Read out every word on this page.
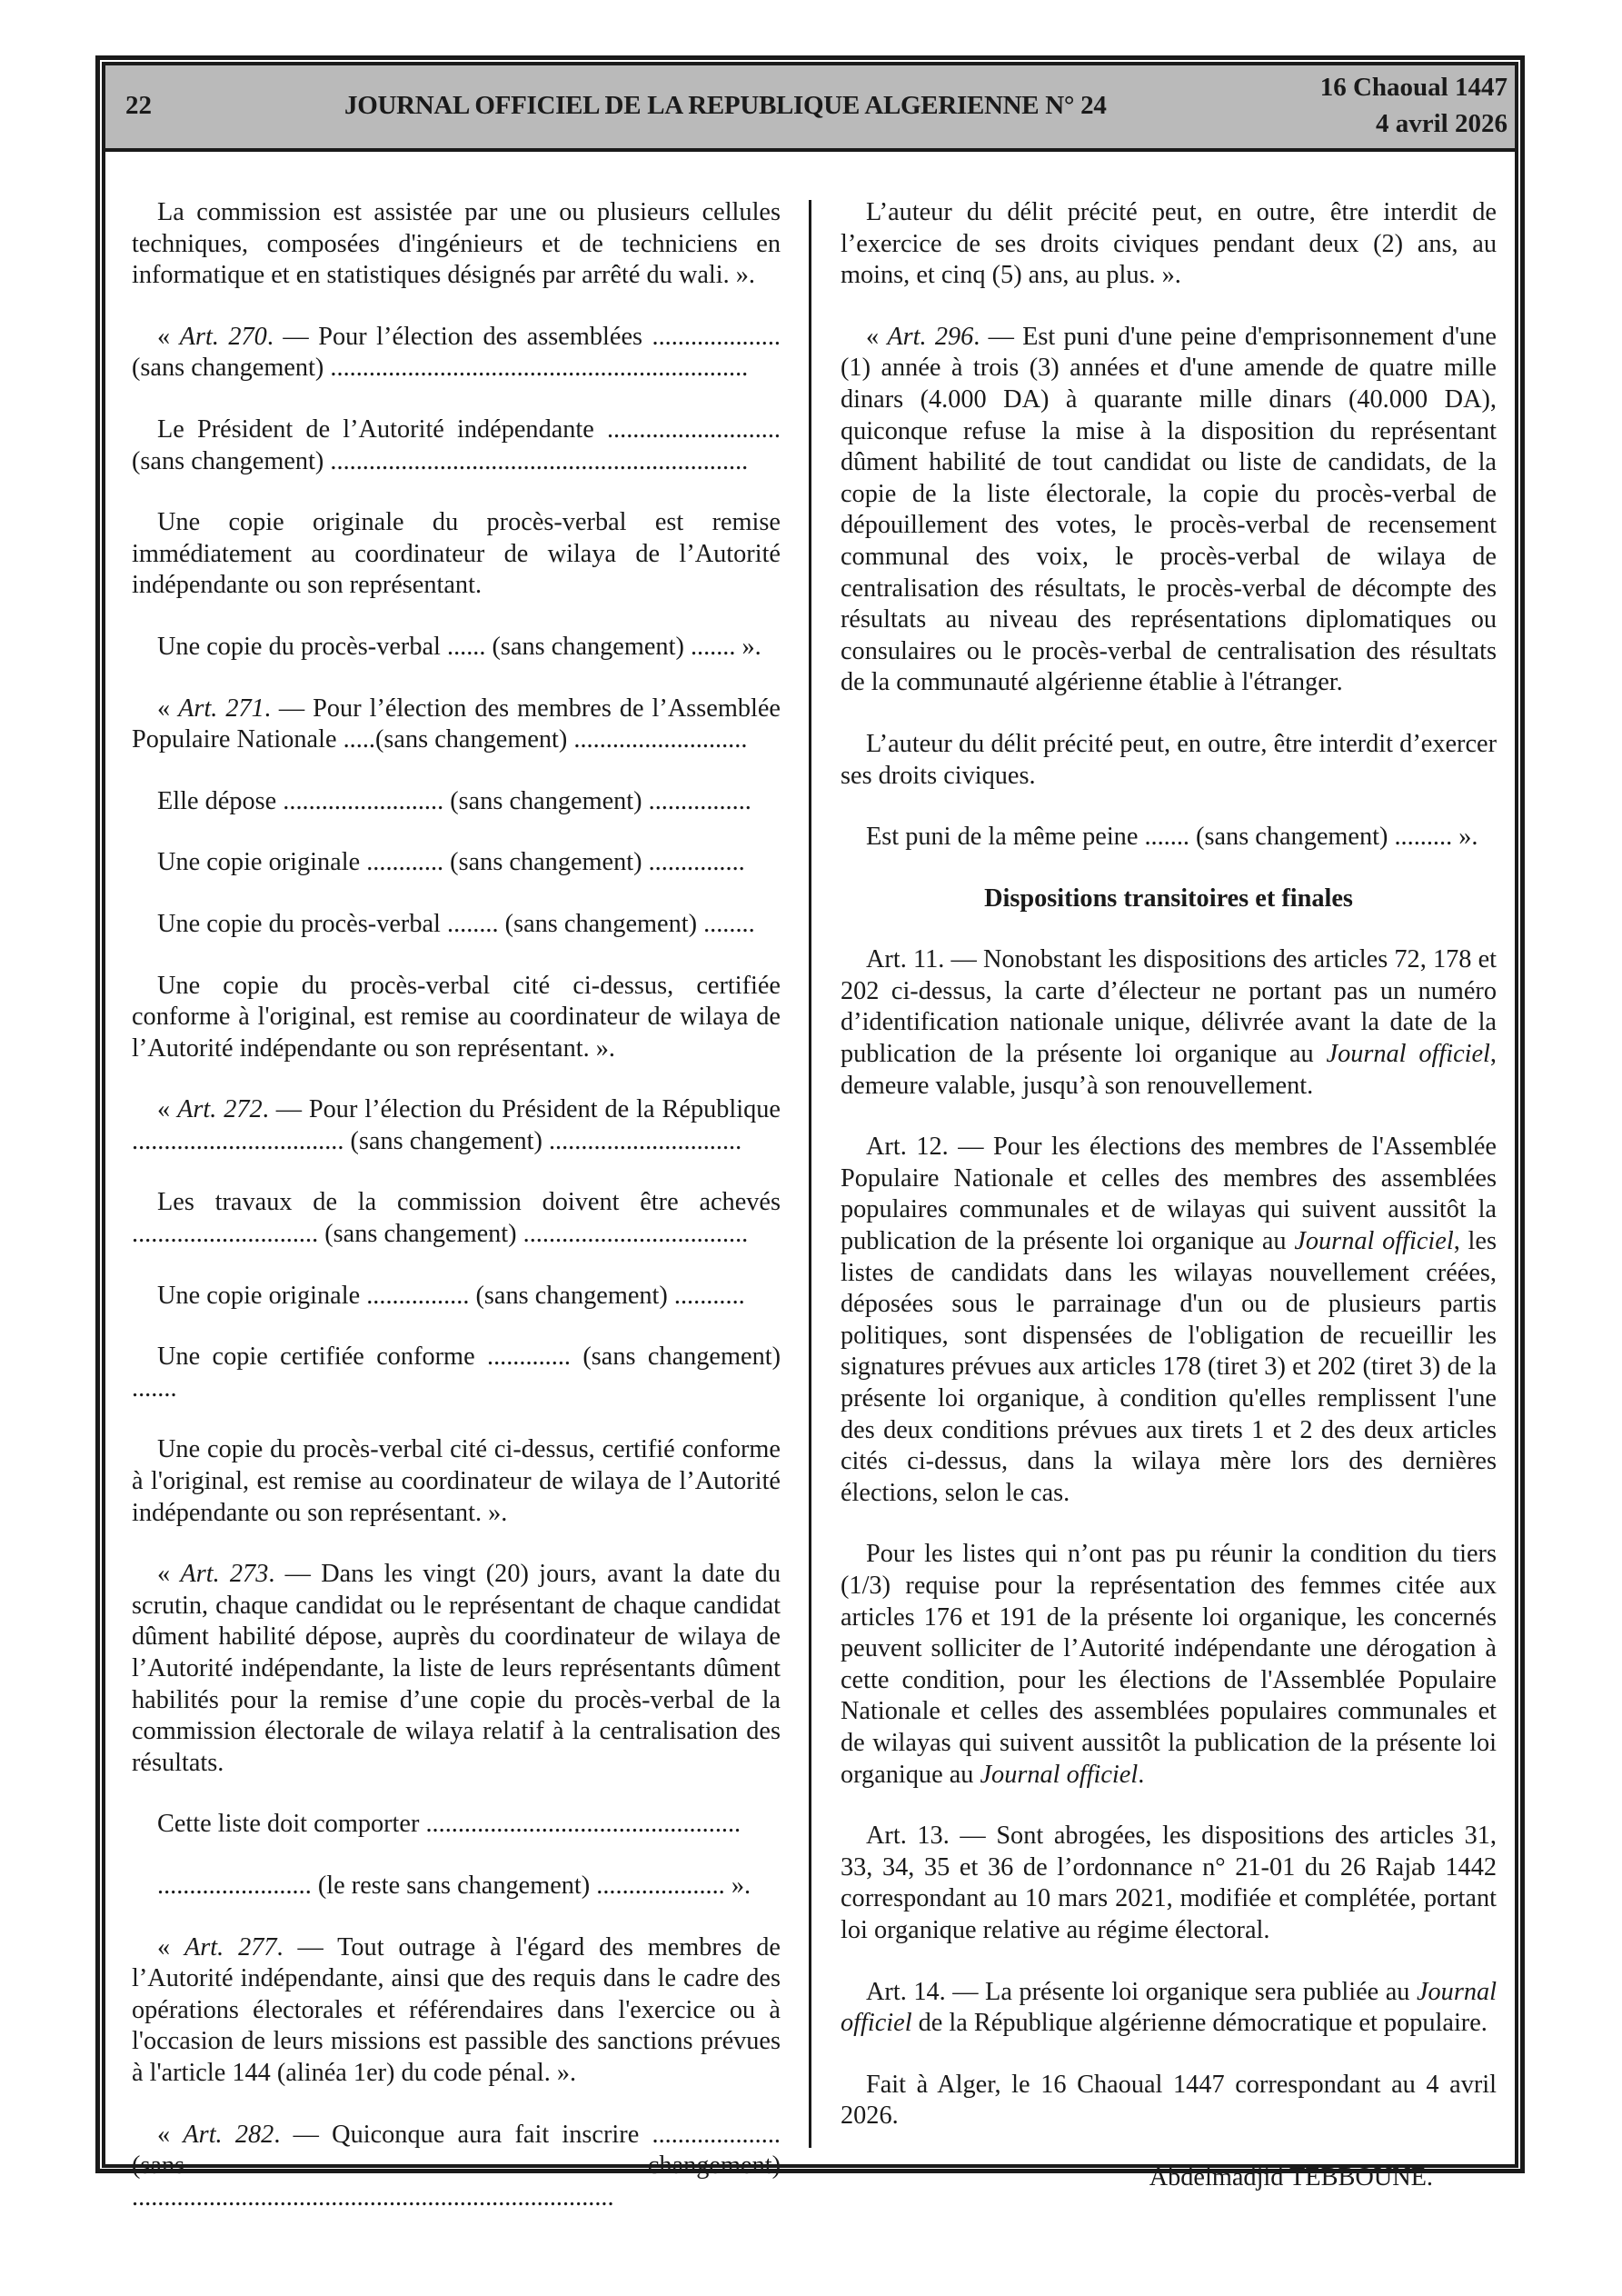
22	JOURNAL OFFICIEL DE LA REPUBLIQUE ALGERIENNE N° 24
16 Chaoual 1447
4 avril 2026

La commission est assistée par une ou plusieurs cellules techniques, composées d'ingénieurs et de techniciens en informatique et en statistiques désignés par arrêté du wali. ».

« Art. 270. — Pour l’élection des assemblées .................... (sans changement) .................................................................

Le Président de l’Autorité indépendante ........................... (sans changement) .................................................................

Une copie originale du procès-verbal est remise immédiatement au coordinateur de wilaya de l’Autorité indépendante ou son représentant.

Une copie du procès-verbal ...... (sans changement) ....... ».

« Art. 271. — Pour l’élection des membres de l’Assemblée Populaire Nationale .....(sans changement) ...........................

Elle dépose ......................... (sans changement) ................

Une copie originale ............ (sans changement) ...............

Une copie du procès-verbal ........ (sans changement) ........

Une copie du procès-verbal cité ci-dessus, certifiée conforme à l'original, est remise au coordinateur de wilaya de l’Autorité indépendante ou son représentant. ».

« Art. 272. — Pour l’élection du Président de la République ................................. (sans changement) ..............................

Les travaux de la commission doivent être achevés ............................. (sans changement) ...................................

Une copie originale ................ (sans changement) ...........

Une copie certifiée conforme ............. (sans changement) .......

Une copie du procès-verbal cité ci-dessus, certifié conforme à l'original, est remise au coordinateur de wilaya de l’Autorité indépendante ou son représentant. ».

« Art. 273. — Dans les vingt (20) jours, avant la date du scrutin, chaque candidat ou le représentant de chaque candidat dûment habilité dépose, auprès du coordinateur de wilaya de l’Autorité indépendante, la liste de leurs représentants dûment habilités pour la remise d’une copie du procès-verbal de la commission électorale de wilaya relatif à la centralisation des résultats.

Cette liste doit comporter .................................................

........................ (le reste sans changement) .................... ».

« Art. 277. — Tout outrage à l'égard des membres de l’Autorité indépendante, ainsi que des requis dans le cadre des opérations électorales et référendaires dans l'exercice ou à l'occasion de leurs missions est passible des sanctions prévues à l'article 144 (alinéa 1er) du code pénal. ».

« Art. 282. — Quiconque aura fait inscrire .................... (sans changement) ...........................................................................

L’auteur du délit précité peut, en outre, être interdit de l’exercice de ses droits civiques pendant deux (2) ans, au moins, et cinq (5) ans, au plus. ».

« Art. 296. — Est puni d'une peine d'emprisonnement d'une (1) année à trois (3) années et d'une amende de quatre mille dinars (4.000 DA) à quarante mille dinars (40.000 DA), quiconque refuse la mise à la disposition du représentant dûment habilité de tout candidat ou liste de candidats, de la copie de la liste électorale, la copie du procès-verbal de dépouillement des votes, le procès-verbal de recensement communal des voix, le procès-verbal de wilaya de centralisation des résultats, le procès-verbal de décompte des résultats au niveau des représentations diplomatiques ou consulaires ou le procès-verbal de centralisation des résultats de la communauté algérienne établie à l'étranger.

L’auteur du délit précité peut, en outre, être interdit d’exercer ses droits civiques.

Est puni de la même peine ....... (sans changement) ......... ».

Dispositions transitoires et finales

Art. 11. — Nonobstant les dispositions des articles 72, 178 et 202 ci-dessus, la carte d’électeur ne portant pas un numéro d’identification nationale unique, délivrée avant la date de la publication de la présente loi organique au Journal officiel, demeure valable, jusqu’à son renouvellement.

Art. 12. — Pour les élections des membres de l'Assemblée Populaire Nationale et celles des membres des assemblées populaires communales et de wilayas qui suivent aussitôt la publication de la présente loi organique au Journal officiel, les listes de candidats dans les wilayas nouvellement créées, déposées sous le parrainage d'un ou de plusieurs partis politiques, sont dispensées de l'obligation de recueillir les signatures prévues aux articles 178 (tiret 3) et 202 (tiret 3) de la présente loi organique, à condition qu'elles remplissent l'une des deux conditions prévues aux tirets 1 et 2 des deux articles cités ci-dessus, dans la wilaya mère lors des dernières élections, selon le cas.

Pour les listes qui n’ont pas pu réunir la condition du tiers (1/3) requise pour la représentation des femmes citée aux articles 176 et 191 de la présente loi organique, les concernés peuvent solliciter de l’Autorité indépendante une dérogation à cette condition, pour les élections de l'Assemblée Populaire Nationale et celles des assemblées populaires communales et de wilayas qui suivent aussitôt la publication de la présente loi organique au Journal officiel.

Art. 13. — Sont abrogées, les dispositions des articles 31, 33, 34, 35 et 36 de l’ordonnance n° 21-01 du 26 Rajab 1442 correspondant au 10 mars 2021, modifiée et complétée, portant loi organique relative au régime électoral.

Art. 14. — La présente loi organique sera publiée au Journal officiel de la République algérienne démocratique et populaire.

Fait à Alger, le 16 Chaoual 1447 correspondant au 4 avril 2026.

Abdelmadjid TEBBOUNE.
